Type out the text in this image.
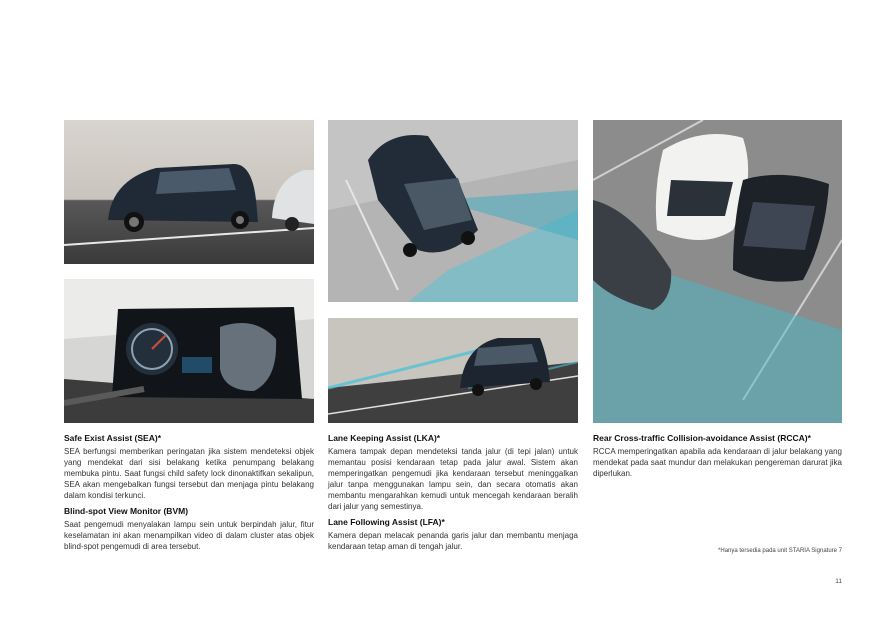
Safe Exist Assist (SEA)*

SEA berfungsi memberikan peringatan jika sistem mendeteksi objek yang mendekat dari sisi belakang ketika penumpang belakang membuka pintu. Saat fungsi child safety lock dinonaktifkan sekalipun, SEA akan mengebalkan fungsi tersebut dan menjaga pintu belakang dalam kondisi terkunci.

Blind-spot View Monitor (BVM)

Saat pengemudi menyalakan lampu sein untuk berpindah jalur, fitur keselamatan ini akan menampilkan video di dalam cluster atas objek blind-spot pengemudi di area tersebut.

Lane Keeping Assist (LKA)*

Kamera tampak depan mendeteksi tanda jalur (di tepi jalan) untuk memantau posisi kendaraan tetap pada jalur awal. Sistem akan memperingatkan pengemudi jika kendaraan tersebut meninggalkan jalur tanpa menggunakan lampu sein, dan secara otomatis akan membantu mengarahkan kemudi untuk mencegah kendaraan beralih dari jalur yang semestinya.

Lane Following Assist (LFA)*

Kamera depan melacak penanda garis jalur dan membantu menjaga kendaraan tetap aman di tengah jalur.

Rear Cross-traffic Collision-avoidance Assist (RCCA)*

RCCA memperingatkan apabila ada kendaraan di jalur belakang yang mendekat pada saat mundur dan melakukan pengereman darurat jika diperlukan.

*Hanya tersedia pada unit STARIA Signature 7
11
